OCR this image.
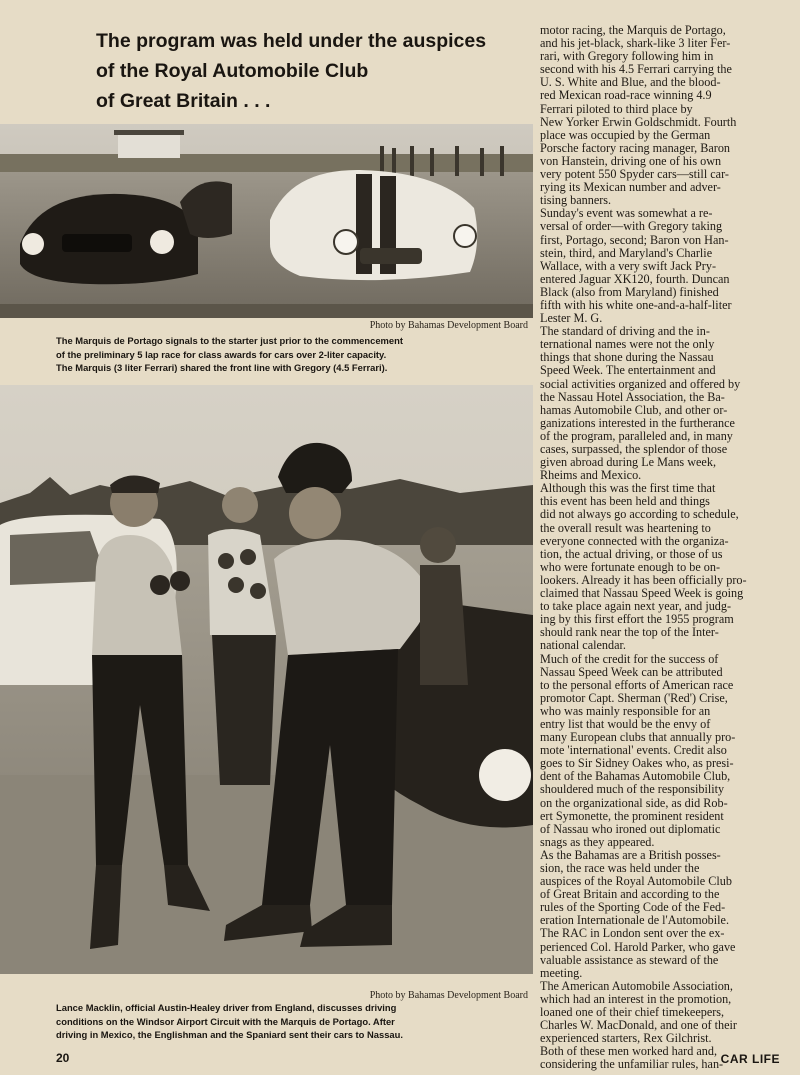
The program was held under the auspices
of the Royal Automobile Club
of Great Britain . . .
Photo by Bahamas Development Board

The Marquis de Portago signals to the starter just prior to the commencement
of the preliminary 5 lap race for class awards for cars over 2-liter capacity.
The Marquis (3 liter Ferrari) shared the front line with Gregory (4.5 Ferrari).

Photo by Bahamas Development Board

Lance Macklin, official Austin-Healey driver from England, discusses driving
conditions on the Windsor Airport Circuit with the Marquis de Portago. After
driving in Mexico, the Englishman and the Spaniard sent their cars to Nassau.

motor racing, the Marquis de Portago,
and his jet-black, shark-like 3 liter Fer-
rari, with Gregory following him in
second with his 4.5 Ferrari carrying the
U. S. White and Blue, and the blood-
red Mexican road-race winning 4.9
Ferrari piloted to third place by
New Yorker Erwin Goldschmidt. Fourth
place was occupied by the German
Porsche factory racing manager, Baron
von Hanstein, driving one of his own
very potent 550 Spyder cars—still car-
rying its Mexican number and adver-
tising banners.

Sunday's event was somewhat a re-
versal of order—with Gregory taking
first, Portago, second; Baron von Han-
stein, third, and Maryland's Charlie
Wallace, with a very swift Jack Pry-
entered Jaguar XK120, fourth. Duncan
Black (also from Maryland) finished
fifth with his white one-and-a-half-liter
Lester M. G.

The standard of driving and the in-
ternational names were not the only
things that shone during the Nassau
Speed Week. The entertainment and
social activities organized and offered by
the Nassau Hotel Association, the Ba-
hamas Automobile Club, and other or-
ganizations interested in the furtherance
of the program, paralleled and, in many
cases, surpassed, the splendor of those
given abroad during Le Mans week,
Rheims and Mexico.

Although this was the first time that
this event has been held and things
did not always go according to schedule,
the overall result was heartening to
everyone connected with the organiza-
tion, the actual driving, or those of us
who were fortunate enough to be on-
lookers. Already it has been officially pro-
claimed that Nassau Speed Week is going
to take place again next year, and judg-
ing by this first effort the 1955 program
should rank near the top of the Inter-
national calendar.

Much of the credit for the success of
Nassau Speed Week can be attributed
to the personal efforts of American race
promotor Capt. Sherman ('Red') Crise,
who was mainly responsible for an
entry list that would be the envy of
many European clubs that annually pro-
mote 'international' events. Credit also
goes to Sir Sidney Oakes who, as presi-
dent of the Bahamas Automobile Club,
shouldered much of the responsibility
on the organizational side, as did Rob-
ert Symonette, the prominent resident
of Nassau who ironed out diplomatic
snags as they appeared.

As the Bahamas are a British posses-
sion, the race was held under the
auspices of the Royal Automobile Club
of Great Britain and according to the
rules of the Sporting Code of the Fed-
eration Internationale de l'Automobile.
The RAC in London sent over the ex-
perienced Col. Harold Parker, who gave
valuable assistance as steward of the
meeting.

The American Automobile Association,
which had an interest in the promotion,
loaned one of their chief timekeepers,
Charles W. MacDonald, and one of their
experienced starters, Rex Gilchrist.
Both of these men worked hard and,
considering the unfamiliar rules, han-

20	CAR LIFE
